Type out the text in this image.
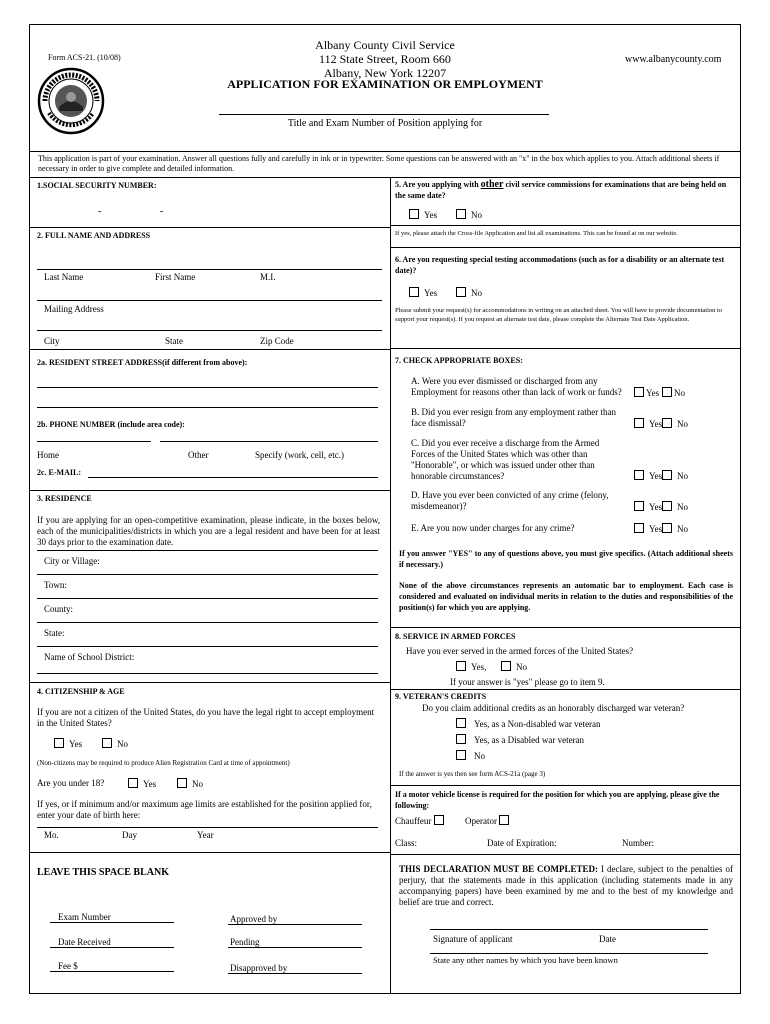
Form ACS-21. (10/08)
Albany County Civil Service
112 State Street, Room 660
Albany, New York 12207
APPLICATION FOR EXAMINATION OR EMPLOYMENT
www.albanycounty.com
Title and Exam Number of Position applying for
This application is part of your examination. Answer all questions fully and carefully in ink or in typewriter. Some questions can be answered with an "x" in the box which applies to you. Attach additional sheets if necessary in order to give complete and detailed information.
1.SOCIAL SECURITY NUMBER:
-	-
2. FULL NAME AND ADDRESS
Last Name	First Name	M.I.
Mailing Address
City	State	Zip Code
2a. RESIDENT STREET ADDRESS(if different from above):
2b. PHONE NUMBER (include area code):
Home	Other	Specify (work, cell, etc.)
2c. E-MAIL:
3. RESIDENCE
If you are applying for an open-competitive examination, please indicate, in the boxes below, each of the municipalities/districts in which you are a legal resident and have been for at least 30 days prior to the examination date.
City or Village:
Town:
County:
State:
Name of School District:
4. CITIZENSHIP & AGE
If you are not a citizen of the United States, do you have the legal right to accept employment in the United States?
Yes	No
(Non-citizens may be required to produce Alien Registration Card at time of appointment)
Are you under 18?	Yes	No
If yes, or if minimum and/or maximum age limits are established for the position applied for, enter your date of birth here:
Mo.	Day	Year
LEAVE THIS SPACE BLANK
Exam Number	Approved by
Date Received	Pending
Fee $	Disapproved by
5. Are you applying with other civil service commissions for examinations that are being held on the same date?
Yes	No
If yes, please attach the Cross-file Application and list all examinations. This can be found at on our website.
6. Are you requesting special testing accommodations (such as for a disability or an alternate test date)?
Yes	No
Please submit your request(s) for accommodations in writing on an attached sheet. You will have to provide documentation to support your request(s). If you request an alternate test date, please complete the Alternate Test Date Application.
7. CHECK APPROPRIATE BOXES:
A. Were you ever dismissed or discharged from any Employment for reasons other than lack of work or funds?	Yes	No
B. Did you ever resign from any employment rather than face dismissal?	Yes	No
C. Did you ever receive a discharge from the Armed Forces of the United States which was other than "Honorable", or which was issued under other than honorable circumstances?	Yes	No
D. Have you ever been convicted of any crime (felony, misdemeanor)?	Yes	No
E. Are you now under charges for any crime?	Yes	No
If you answer "YES" to any of questions above, you must give specifics. (Attach additional sheets if necessary.)
None of the above circumstances represents an automatic bar to employment. Each case is considered and evaluated on individual merits in relation to the duties and responsibilities of the position(s) for which you are applying.
8. SERVICE IN ARMED FORCES
Have you ever served in the armed forces of the United States?
Yes,	No
If your answer is "yes" please go to item 9.
9. VETERAN'S CREDITS
Do you claim additional credits as an honorably discharged war veteran?
Yes, as a Non-disabled war veteran
Yes, as a Disabled war veteran
No
If the answer is yes then see form ACS-21a (page 3)
If a motor vehicle license is required for the position for which you are applying, please give the following:
Chauffeur	Operator
Class:	Date of Expiration:	Number:
THIS DECLARATION MUST BE COMPLETED: I declare, subject to the penalties of perjury, that the statements made in this application (including statements made in any accompanying papers) have been examined by me and to the best of my knowledge and belief are true and correct.
Signature of applicant	Date
State any other names by which you have been known
